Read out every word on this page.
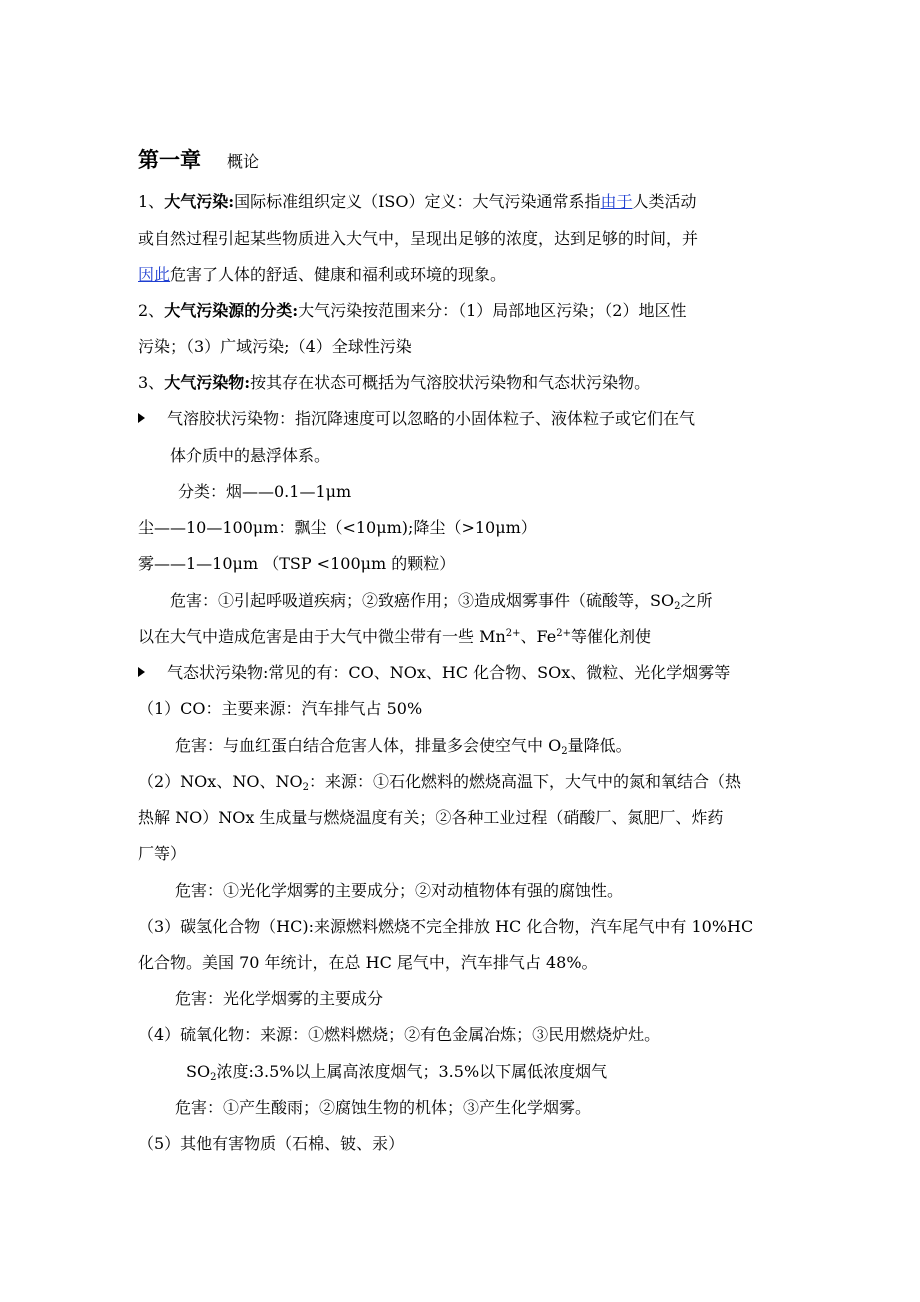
第一章 概论
1、大气污染:国际标准组织定义（ISO）定义：大气污染通常系指由于人类活动
或自然过程引起某些物质进入大气中，呈现出足够的浓度，达到足够的时间，并
因此危害了人体的舒适、健康和福利或环境的现象。
2、大气污染源的分类:大气污染按范围来分：（1）局部地区污染；（2）地区性
污染；（3）广域污染;（4）全球性污染
3、大气污染物:按其存在状态可概括为气溶胶状污染物和气态状污染物。
气溶胶状污染物：指沉降速度可以忽略的小固体粒子、液体粒子或它们在气
体介质中的悬浮体系。
分类：烟——0.1—1μm
尘——10—100μm：飘尘（<10μm);降尘（>10μm）
雾——1—10μm （TSP <100μm 的颗粒）
危害：①引起呼吸道疾病；②致癌作用；③造成烟雾事件（硫酸等，$SO_2$之所
以在大气中造成危害是由于大气中微尘带有一些 $Mn^{2+}$、$Fe^{2+}$等催化剂使
气态状污染物:常见的有：CO、NOx、HC 化合物、SOx、微粒、光化学烟雾等
（1）CO：主要来源：汽车排气占 50%
危害：与血红蛋白结合危害人体，排量多会使空气中 $O_2$量降低。
（2）NOx、NO、$NO_2$：来源：①石化燃料的燃烧高温下，大气中的氮和氧结合（热
热解 NO）NOx 生成量与燃烧温度有关；②各种工业过程（硝酸厂、氮肥厂、炸药
厂等）
危害：①光化学烟雾的主要成分；②对动植物体有强的腐蚀性。
（3）碳氢化合物（HC):来源燃料燃烧不完全排放 HC 化合物，汽车尾气中有 10%HC
化合物。美国 70 年统计，在总 HC 尾气中，汽车排气占 48%。
危害：光化学烟雾的主要成分
（4）硫氧化物：来源：①燃料燃烧；②有色金属冶炼；③民用燃烧炉灶。
$SO_2$浓度:3.5%以上属高浓度烟气；3.5%以下属低浓度烟气
危害：①产生酸雨；②腐蚀生物的机体；③产生化学烟雾。
（5）其他有害物质（石棉、铍、汞）
